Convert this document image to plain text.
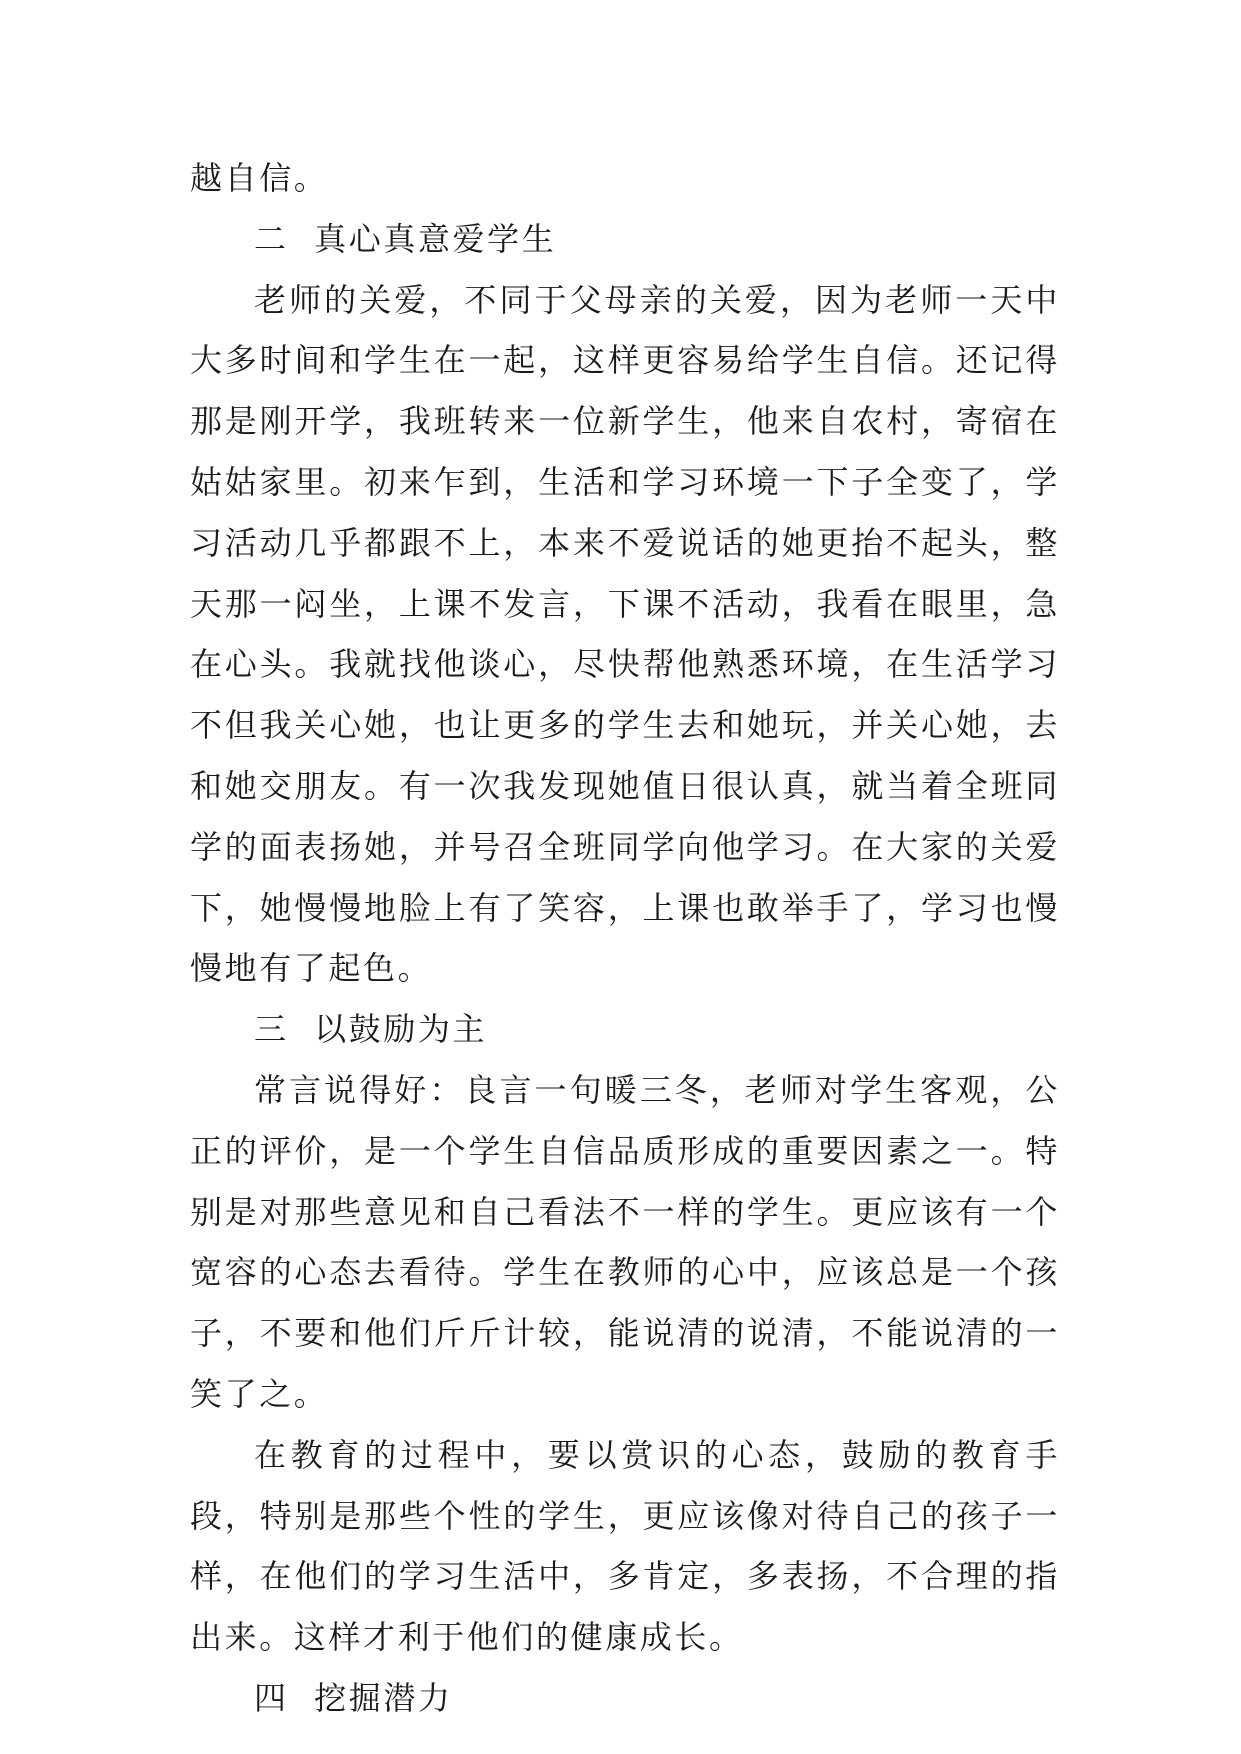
越自信。

二  真心真意爱学生

老师的关爱，不同于父母亲的关爱，因为老师一天中大多时间和学生在一起，这样更容易给学生自信。还记得那是刚开学，我班转来一位新学生，他来自农村，寄宿在姑姑家里。初来乍到，生活和学习环境一下子全变了，学习活动几乎都跟不上，本来不爱说话的她更抬不起头，整天那一闷坐，上课不发言，下课不活动，我看在眼里，急在心头。我就找他谈心，尽快帮他熟悉环境，在生活学习不但我关心她，也让更多的学生去和她玩，并关心她，去和她交朋友。有一次我发现她值日很认真，就当着全班同学的面表扬她，并号召全班同学向他学习。在大家的关爱下，她慢慢地脸上有了笑容，上课也敢举手了，学习也慢慢地有了起色。

三  以鼓励为主

常言说得好：良言一句暖三冬，老师对学生客观，公正的评价，是一个学生自信品质形成的重要因素之一。特别是对那些意见和自己看法不一样的学生。更应该有一个宽容的心态去看待。学生在教师的心中，应该总是一个孩子，不要和他们斤斤计较，能说清的说清，不能说清的一笑了之。

在教育的过程中，要以赏识的心态，鼓励的教育手段，特别是那些个性的学生，更应该像对待自己的孩子一样，在他们的学习生活中，多肯定，多表扬，不合理的指出来。这样才利于他们的健康成长。

四  挖掘潜力
